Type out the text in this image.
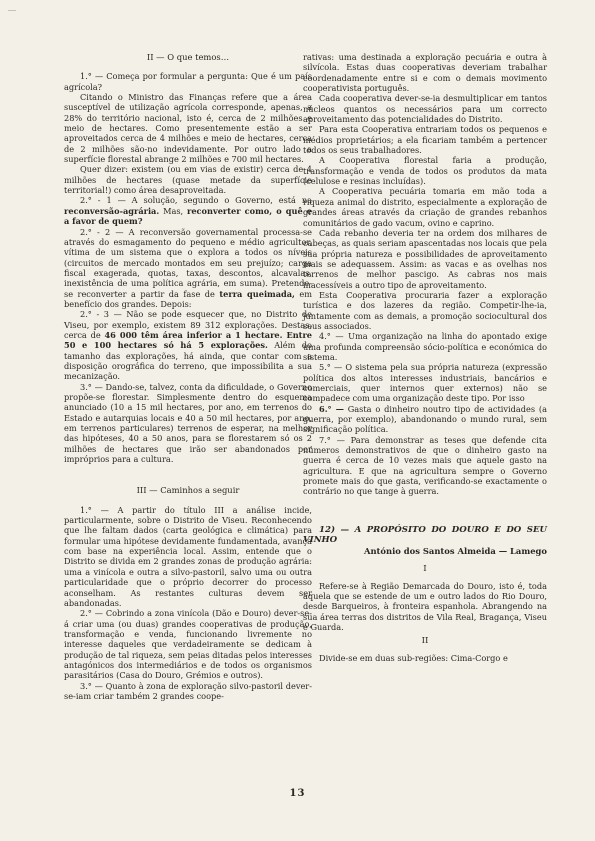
II — O que temos…

1.° — Começa por formular a pergunta: Que é um país agrícola?

Citando o Ministro das Finanças refere que a área susceptível de utilização agrícola corresponde, apenas, a 28% do território nacional, isto é, cerca de 2 milhões e meio de hectares. Como presentemente estão a ser aproveitados cerca de 4 milhões e meio de hectares, cerca de 2 milhões são-no indevidamente. Por outro lado a superfície florestal abrange 2 milhões e 700 mil hectares.

Quer dizer: existem (ou em vias de existir) cerca de 4 milhões de hectares (quase metade da superfície territorial!) como área desaproveitada.

2.° - 1 — A solução, segundo o Governo, está na reconversão-agrária. Mas, reconverter como, o quê e a favor de quem?

2.° - 2 — A reconversão governamental processa-se através do esmagamento do pequeno e médio agricultor, vítima de um sistema que o explora a todos os níveis (circuitos de mercado montados em seu prejuízo; carga fiscal exagerada, quotas, taxas, descontos, alcavalas, inexistência de uma política agrária, em suma). Pretende-se reconverter a partir da fase de terra queimada, em benefício dos grandes. Depois:

2.° - 3 — Não se pode esquecer que, no Distrito de Viseu, por exemplo, existem 89 312 explorações. Destas, cerca de 46 000 têm área inferior a 1 hectare. Entre 50 e 100 hectares só há 5 explorações. Além do tamanho das explorações, há ainda, que contar com a disposição orográfica do terreno, que impossibilita a sua mecanização.

3.° — Dando-se, talvez, conta da dificuldade, o Governo propõe-se florestar. Simplesmente dentro do esquema anunciado (10 a 15 mil hectares, por ano, em terrenos do Estado e autarquias locais e 40 a 50 mil hectares, por ano, em terrenos particulares) terrenos de esperar, na melhor das hipóteses, 40 a 50 anos, para se florestarem só os 2 milhões de hectares que irão ser abandonados por impróprios para a cultura.

III — Caminhos a seguir

1.° — A partir do título III a análise incide, particularmente, sobre o Distrito de Viseu. Reconhecendo que lhe faltam dados (carta geológica e climática) para formular uma hipótese devidamente fundamentada, avança com base na experiência local. Assim, entende que o Distrito se divida em 2 grandes zonas de produção agrária: uma a vinícola e outra a silvo-pastoril, salvo uma ou outra particularidade que o próprio decorrer do processo aconselham. As restantes culturas devem ser abandonadas.

2.° — Cobrindo a zona vinícola (Dão e Douro) dever-se-á criar uma (ou duas) grandes cooperativas de produção, transformação e venda, funcionando livremente no interesse daqueles que verdadeiramente se dedicam à produção de tal riqueza, sem peias ditadas pelos interesses antagónicos dos intermediários e de todos os organismos parasitários (Casa do Douro, Grémios e outros).

3.° — Quanto à zona de exploração silvo-pastoril dever-se-iam criar também 2 grandes coope-

rativas: uma destinada a exploração pecuária e outra à silvícola. Estas duas cooperativas deveriam trabalhar coordenadamente entre si e com o demais movimento cooperativista português.

Cada cooperativa dever-se-ia desmultiplicar em tantos núcleos quantos os necessários para um correcto aproveitamento das potencialidades do Distrito.

Para esta Cooperativa entrariam todos os pequenos e médios proprietários; a ela ficariam também a pertencer todos os seus trabalhadores.

A Cooperativa florestal faria a produção, transformação e venda de todos os produtos da mata (celulose e resinas incluídas).

A Cooperativa pecuária tomaria em mão toda a riqueza animal do distrito, especialmente a exploração de grandes áreas através da criação de grandes rebanhos comunitários de gado vacum, ovino e caprino.

Cada rebanho deveria ter na ordem dos milhares de cabeças, as quais seriam apascentadas nos locais que pela sua própria natureza e possibilidades de aproveitamento mais se adequassem. Assim: as vacas e as ovelhas nos terrenos de melhor pascigo. As cabras nos mais inacessíveis a outro tipo de aproveitamento.

Esta Cooperativa procuraria fazer a exploração turística e dos lazeres da região. Competir-lhe-ia, juntamente com as demais, a promoção sociocultural dos seus associados.

4.° — Uma organização na linha do apontado exige uma profunda compreensão sócio-política e económica do sistema.

5.° — O sistema pela sua própria natureza (expressão política dos altos interesses industriais, bancários e comerciais, quer internos quer externos) não se compadece com uma organização deste tipo. Por isso

6.° — Gasta o dinheiro noutro tipo de actividades (a guerra, por exemplo), abandonando o mundo rural, sem significação política.

7.° — Para demonstrar as teses que defende cita números demonstrativos de que o dinheiro gasto na guerra é cerca de 10 vezes mais que aquele gasto na agricultura. E que na agricultura sempre o Governo promete mais do que gasta, verificando-se exactamente o contrário no que tange à guerra.

12) — A PROPÓSITO DO DOURO E DO SEU VINHO

António dos Santos Almeida — Lamego
I

Refere-se à Região Demarcada do Douro, isto é, toda aquela que se estende de um e outro lados do Rio Douro, desde Barqueiros, à fronteira espanhola. Abrangendo na sua área terras dos distritos de Vila Real, Bragança, Viseu e Guarda.

II

Divide-se em duas sub-regiões: Cima-Corgo e

13
